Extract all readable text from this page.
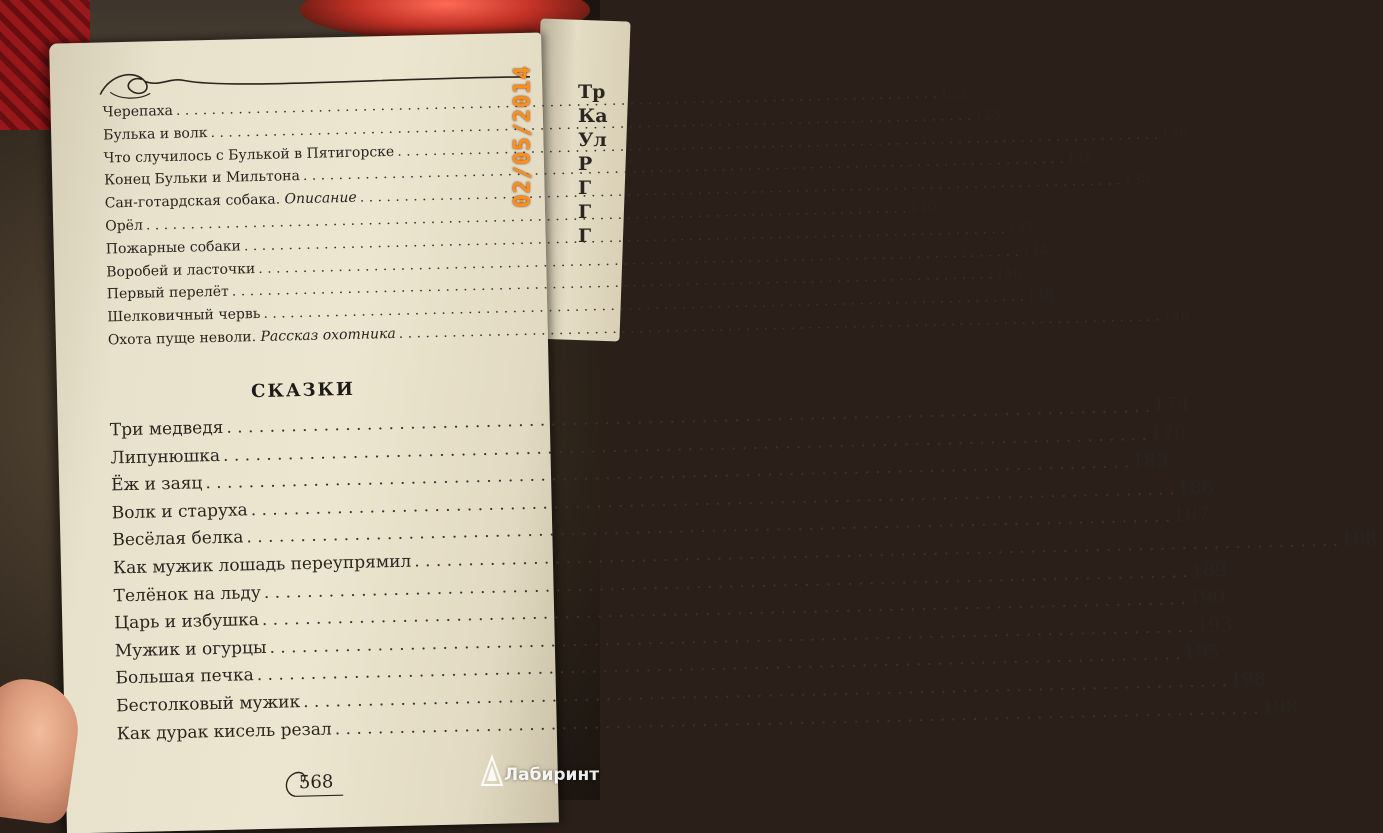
Тр
Ка
Ул
Р
Г
Г
Г
Черепаха
. . .
122
Булька и волк
. . .
125
Что случилось с Булькой в Пятигорске
. . .
130
Конец Бульки и Мильтона
. . .
135
Сан-готардская собака. Описание
. . .
138
Орёл
. . .
140
Пожарные собаки
. . .
142
Воробей и ласточки
. . .
144
Первый перелёт
. . .
146
Шелковичный червь
. . .
148
Охота пуще неволи. Рассказ охотника
. . .
156
СКАЗКИ
Три медведя
. . .
174
Липунюшка
. . .
179
Ёж и заяц
. . .
183
Волк и старуха
. . .
186
Весёлая белка
. . .
187
Как мужик лошадь переупрямил
. . .
188
Телёнок на льду
. . .
189
Царь и избушка
. . .
190
Мужик и огурцы
. . .
193
Большая печка
. . .
195
Бестолковый мужик
. . .
198
Как дурак кисель резал
. . .
198
568
02/05/2014
Лабиринт
